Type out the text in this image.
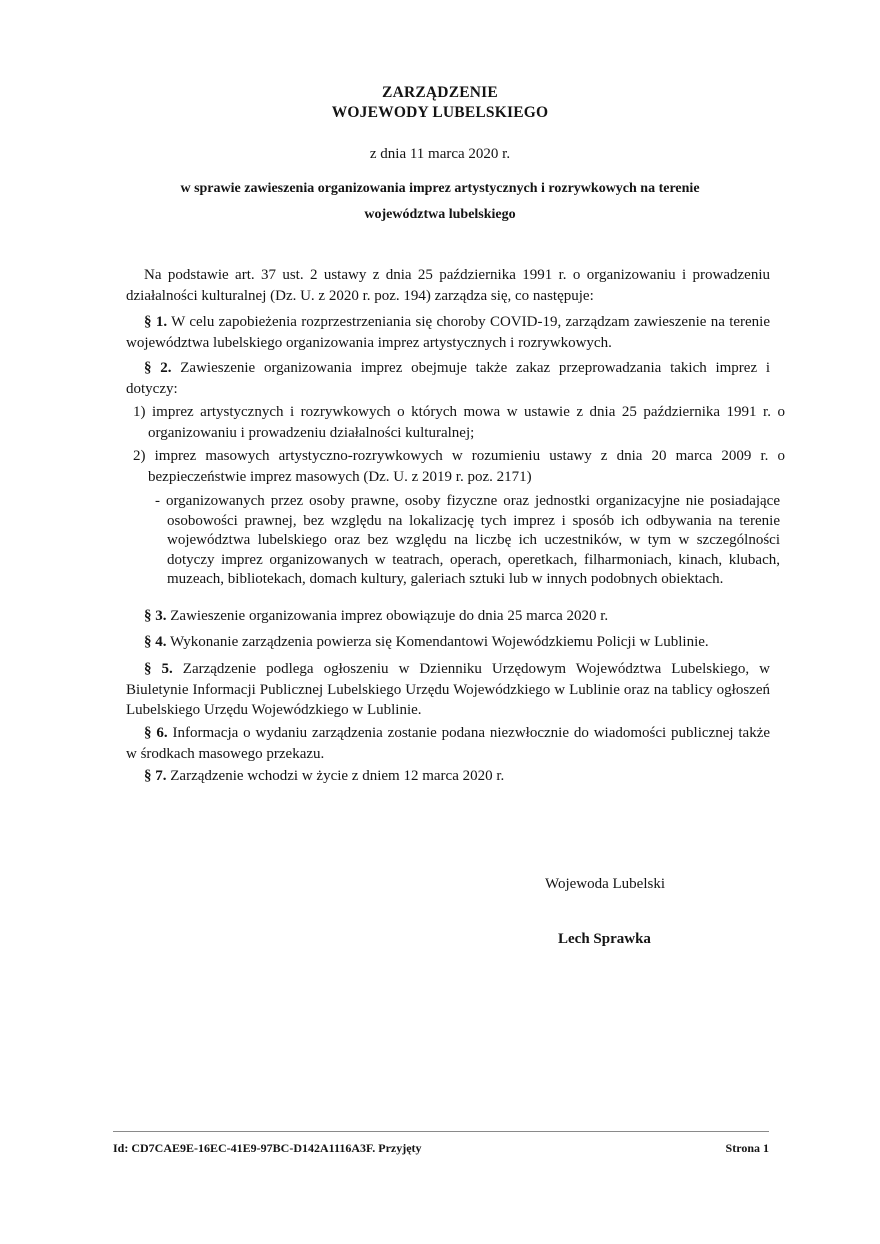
ZARZĄDZENIE
WOJEWODY LUBELSKIEGO
z dnia 11 marca 2020 r.
w sprawie zawieszenia organizowania imprez artystycznych i rozrywkowych na terenie
województwa lubelskiego
Na podstawie art. 37 ust. 2 ustawy z dnia 25 października 1991 r. o organizowaniu i prowadzeniu działalności kulturalnej (Dz. U. z 2020 r. poz. 194) zarządza się, co następuje:
§ 1. W celu zapobieżenia rozprzestrzeniania się choroby COVID-19, zarządzam zawieszenie na terenie województwa lubelskiego organizowania imprez artystycznych i rozrywkowych.
§ 2. Zawieszenie organizowania imprez obejmuje także zakaz przeprowadzania takich imprez i dotyczy:
1) imprez artystycznych i rozrywkowych o których mowa w ustawie z dnia 25 października 1991 r. o organizowaniu i prowadzeniu działalności kulturalnej;
2) imprez masowych artystyczno-rozrywkowych w rozumieniu ustawy z dnia 20 marca 2009 r. o bezpieczeństwie imprez masowych (Dz. U. z 2019 r. poz. 2171)
- organizowanych przez osoby prawne, osoby fizyczne oraz jednostki organizacyjne nie posiadające osobowości prawnej, bez względu na lokalizację tych imprez i sposób ich odbywania na terenie województwa lubelskiego oraz bez względu na liczbę ich uczestników, w tym w szczególności dotyczy imprez organizowanych w teatrach, operach, operetkach, filharmoniach, kinach, klubach, muzeach, bibliotekach, domach kultury, galeriach sztuki lub w innych podobnych obiektach.
§ 3. Zawieszenie organizowania imprez obowiązuje do dnia 25 marca 2020 r.
§ 4. Wykonanie zarządzenia powierza się Komendantowi Wojewódzkiemu Policji w Lublinie.
§ 5. Zarządzenie podlega ogłoszeniu w Dzienniku Urzędowym Województwa Lubelskiego, w Biuletynie Informacji Publicznej Lubelskiego Urzędu Wojewódzkiego w Lublinie oraz na tablicy ogłoszeń Lubelskiego Urzędu Wojewódzkiego w Lublinie.
§ 6. Informacja o wydaniu zarządzenia zostanie podana niezwłocznie do wiadomości publicznej także w środkach masowego przekazu.
§ 7. Zarządzenie wchodzi w życie z dniem 12 marca 2020 r.
Wojewoda Lubelski
Lech Sprawka
Id: CD7CAE9E-16EC-41E9-97BC-D142A1116A3F. Przyjęty	Strona 1
